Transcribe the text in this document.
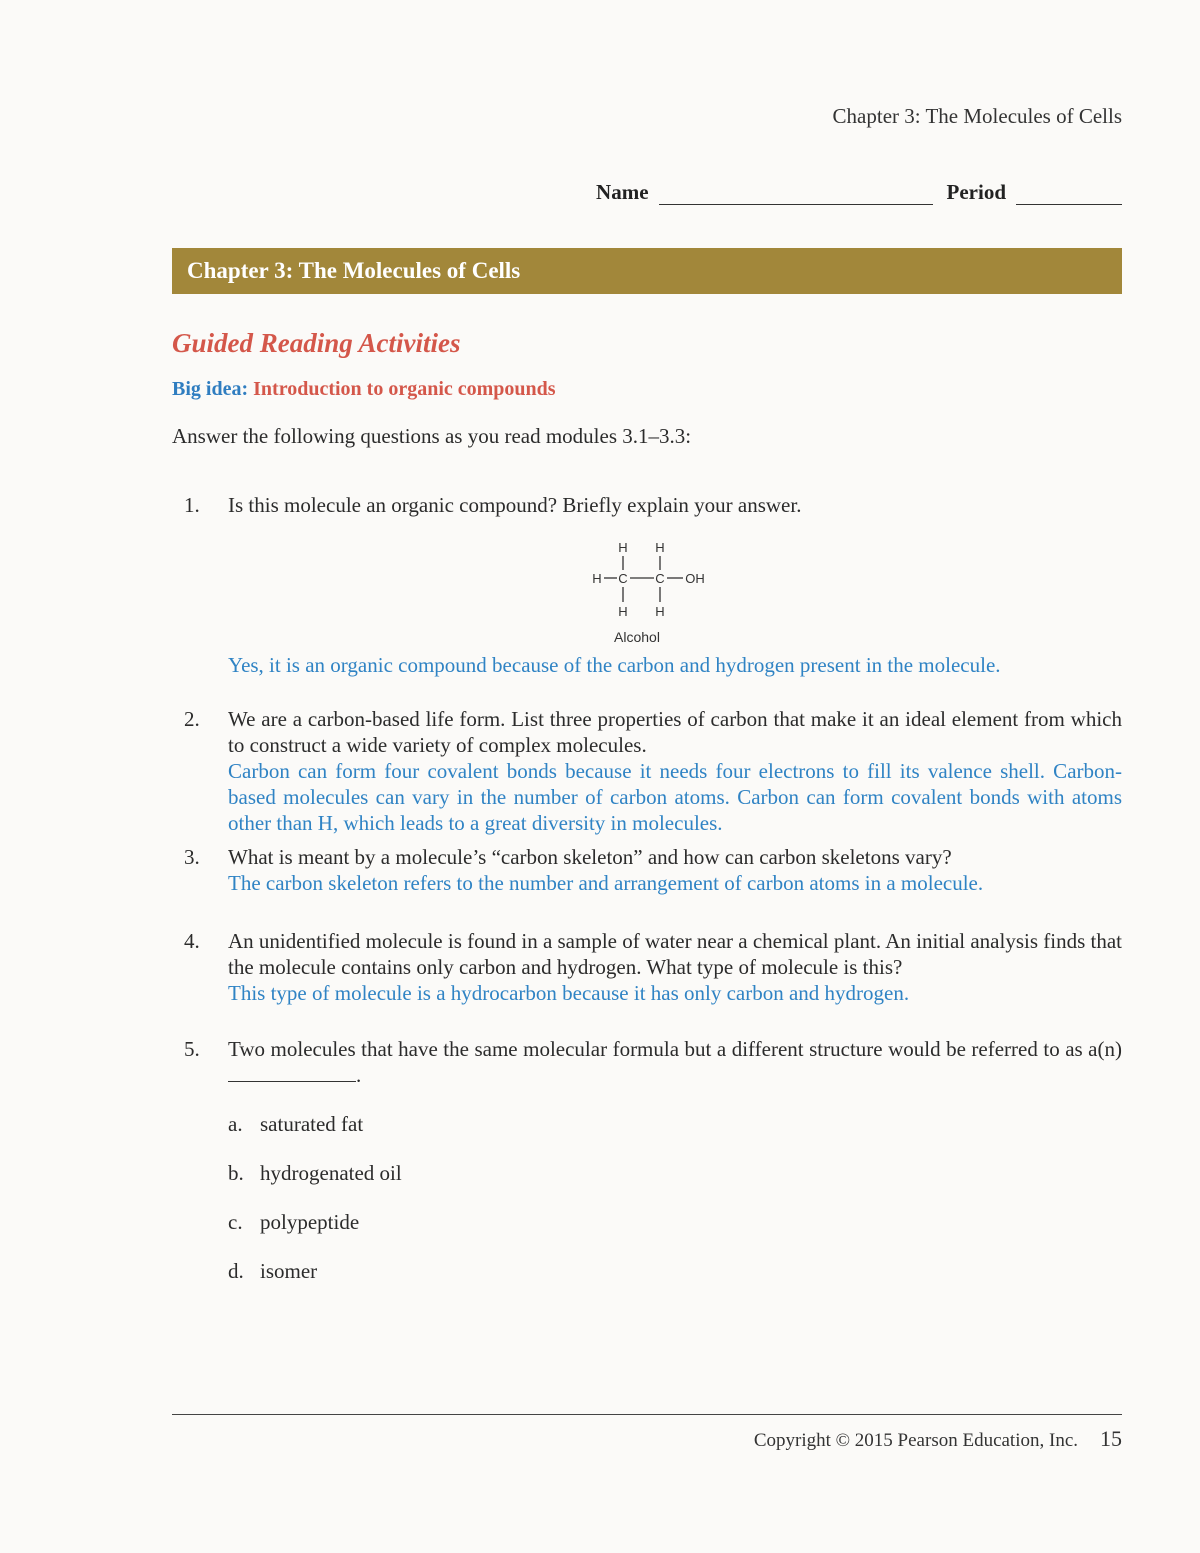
Chapter 3: The Molecules of Cells
Name	Period
Chapter 3: The Molecules of Cells
Guided Reading Activities
Big idea: Introduction to organic compounds
Answer the following questions as you read modules 3.1–3.3:
1. Is this molecule an organic compound? Briefly explain your answer.
H H
H C C OH
H H
Alcohol
Yes, it is an organic compound because of the carbon and hydrogen present in the molecule.
2. We are a carbon-based life form. List three properties of carbon that make it an ideal element from which to construct a wide variety of complex molecules.
Carbon can form four covalent bonds because it needs four electrons to fill its valence shell. Carbon-based molecules can vary in the number of carbon atoms. Carbon can form covalent bonds with atoms other than H, which leads to a great diversity in molecules.
3. What is meant by a molecule’s “carbon skeleton” and how can carbon skeletons vary?
The carbon skeleton refers to the number and arrangement of carbon atoms in a molecule.
4. An unidentified molecule is found in a sample of water near a chemical plant. An initial analysis finds that the molecule contains only carbon and hydrogen. What type of molecule is this?
This type of molecule is a hydrocarbon because it has only carbon and hydrogen.
5. Two molecules that have the same molecular formula but a different structure would be referred to as a(n) .
a. saturated fat
b. hydrogenated oil
c. polypeptide
d. isomer
Copyright © 2015 Pearson Education, Inc. 15
